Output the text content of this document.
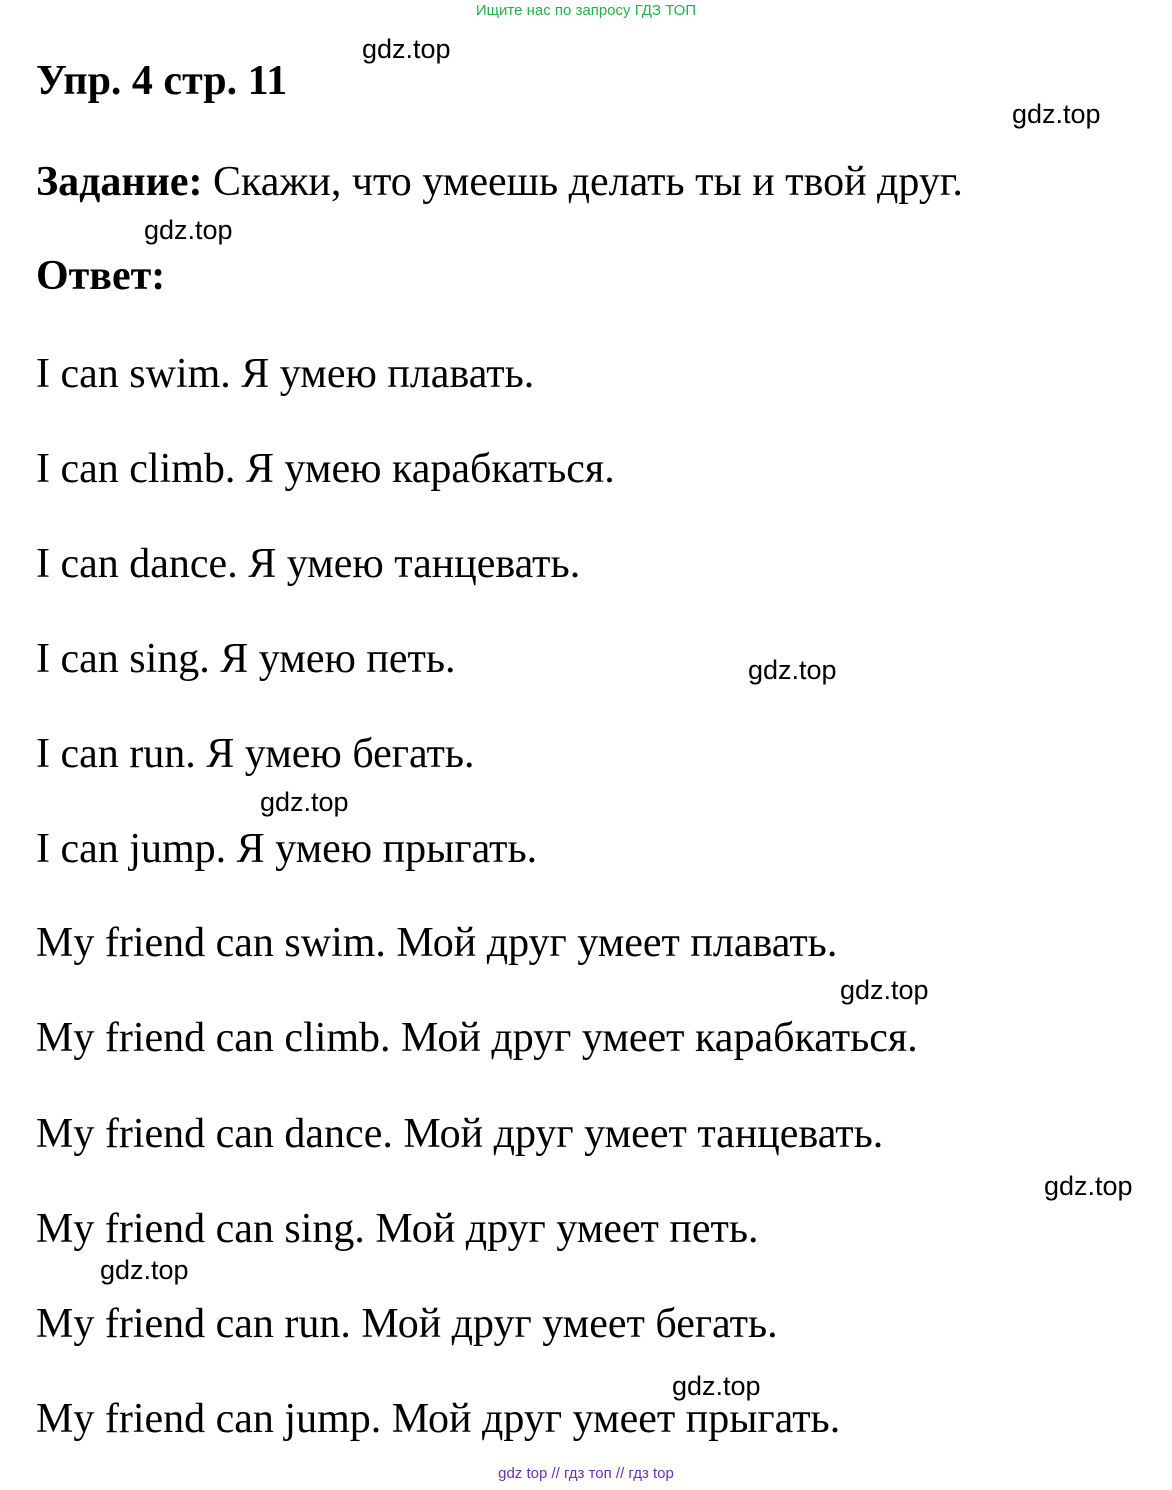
Ищите нас по запросу ГДЗ ТОП
Упр. 4 стр. 11
Задание: Скажи, что умеешь делать ты и твой друг.
Ответ:
I can swim. Я умею плавать.
I can climb. Я умею карабкаться.
I can dance. Я умею танцевать.
I can sing. Я умею петь.
I can run. Я умею бегать.
I can jump. Я умею прыгать.
My friend can swim. Мой друг умеет плавать.
My friend can climb. Мой друг умеет карабкаться.
My friend can dance. Мой друг умеет танцевать.
My friend can sing. Мой друг умеет петь.
My friend can run. Мой друг умеет бегать.
My friend can jump. Мой друг умеет прыгать.
gdz.top
gdz.top
gdz.top
gdz.top
gdz.top
gdz.top
gdz.top
gdz.top
gdz.top
gdz top // гдз топ // гдз top
